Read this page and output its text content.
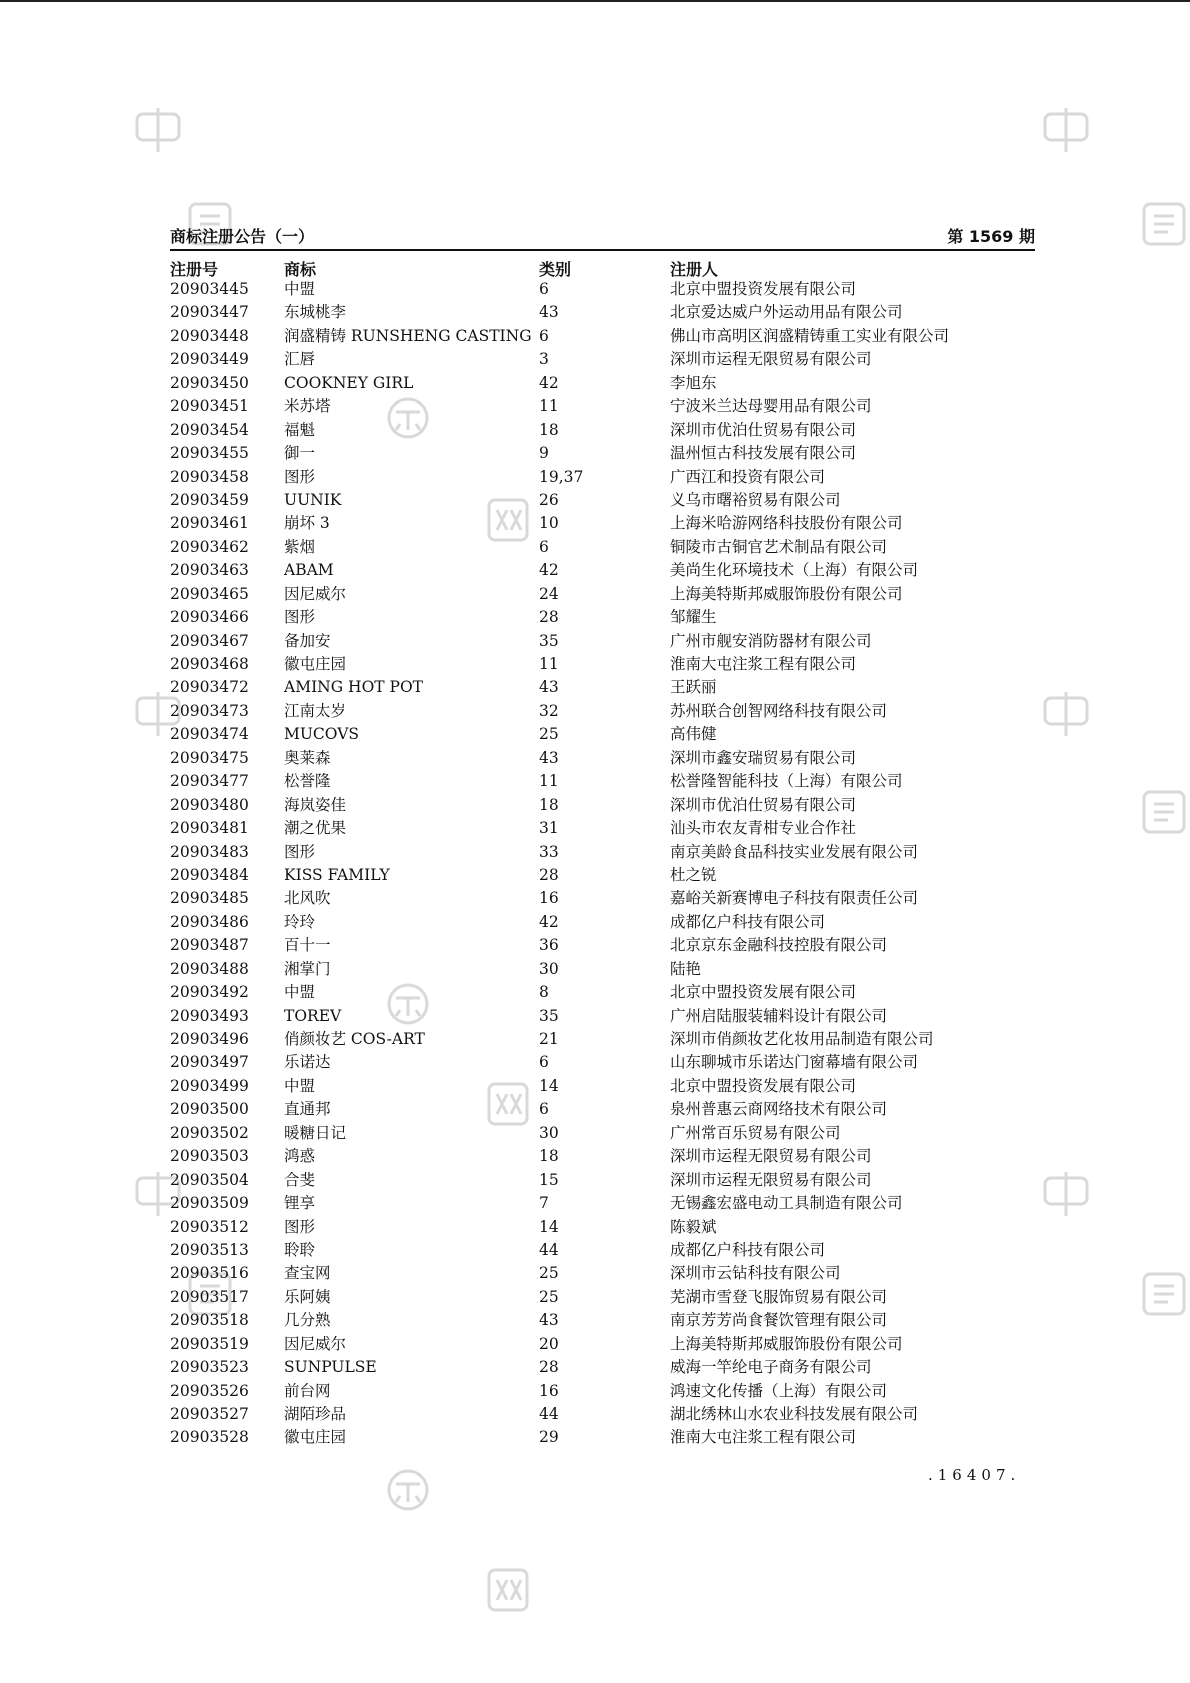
商标注册公告（一）	第 1569 期
注册号	商标	类别	注册人
20903445 中盟	6	北京中盟投资发展有限公司
20903447 东城桃李	43	北京爱达威户外运动用品有限公司
20903448 润盛精铸 RUNSHENG CASTING 6	佛山市高明区润盛精铸重工实业有限公司
20903449 汇唇	3	深圳市运程无限贸易有限公司
20903450 COOKNEY GIRL	42	李旭东
20903451 米苏塔	11	宁波米兰达母婴用品有限公司
20903454 福魁	18	深圳市优泊仕贸易有限公司
20903455 御一	9	温州恒古科技发展有限公司
20903458 图形	19,37	广西江和投资有限公司
20903459 UUNIK	26	义乌市曙裕贸易有限公司
20903461 崩坏 3	10	上海米哈游网络科技股份有限公司
20903462 紫烟	6	铜陵市古铜官艺术制品有限公司
20903463 ABAM	42	美尚生化环境技术（上海）有限公司
20903465 因尼威尔	24	上海美特斯邦威服饰股份有限公司
20903466 图形	28	邹耀生
20903467 备加安	35	广州市舰安消防器材有限公司
20903468 徽屯庄园	11	淮南大屯注浆工程有限公司
20903472 AMING HOT POT	43	王跃丽
20903473 江南太岁	32	苏州联合创智网络科技有限公司
20903474 MUCOVS	25	高伟健
20903475 奥莱森	43	深圳市鑫安瑞贸易有限公司
20903477 松誉隆	11	松誉隆智能科技（上海）有限公司
20903480 海岚姿佳	18	深圳市优泊仕贸易有限公司
20903481 潮之优果	31	汕头市农友青柑专业合作社
20903483 图形	33	南京美龄食品科技实业发展有限公司
20903484 KISS FAMILY	28	杜之锐
20903485 北风吹	16	嘉峪关新赛博电子科技有限责任公司
20903486 玲玲	42	成都亿户科技有限公司
20903487 百十一	36	北京京东金融科技控股有限公司
20903488 湘掌门	30	陆艳
20903492 中盟	8	北京中盟投资发展有限公司
20903493 TOREV	35	广州启陆服装辅料设计有限公司
20903496 俏颜妆艺 COS-ART	21	深圳市俏颜妆艺化妆用品制造有限公司
20903497 乐诺达	6	山东聊城市乐诺达门窗幕墙有限公司
20903499 中盟	14	北京中盟投资发展有限公司
20903500 直通邦	6	泉州普惠云商网络技术有限公司
20903502 暖糖日记	30	广州常百乐贸易有限公司
20903503 鸿惑	18	深圳市运程无限贸易有限公司
20903504 合斐	15	深圳市运程无限贸易有限公司
20903509 锂享	7	无锡鑫宏盛电动工具制造有限公司
20903512 图形	14	陈毅斌
20903513 聆聆	44	成都亿户科技有限公司
20903516 查宝网	25	深圳市云钻科技有限公司
20903517 乐阿姨	25	芜湖市雪登飞服饰贸易有限公司
20903518 几分熟	43	南京芳芳尚食餐饮管理有限公司
20903519 因尼威尔	20	上海美特斯邦威服饰股份有限公司
20903523 SUNPULSE	28	威海一竿纶电子商务有限公司
20903526 前台网	16	鸿速文化传播（上海）有限公司
20903527 湖陌珍品	44	湖北绣林山水农业科技发展有限公司
20903528 徽屯庄园	29	淮南大屯注浆工程有限公司
.16407.
